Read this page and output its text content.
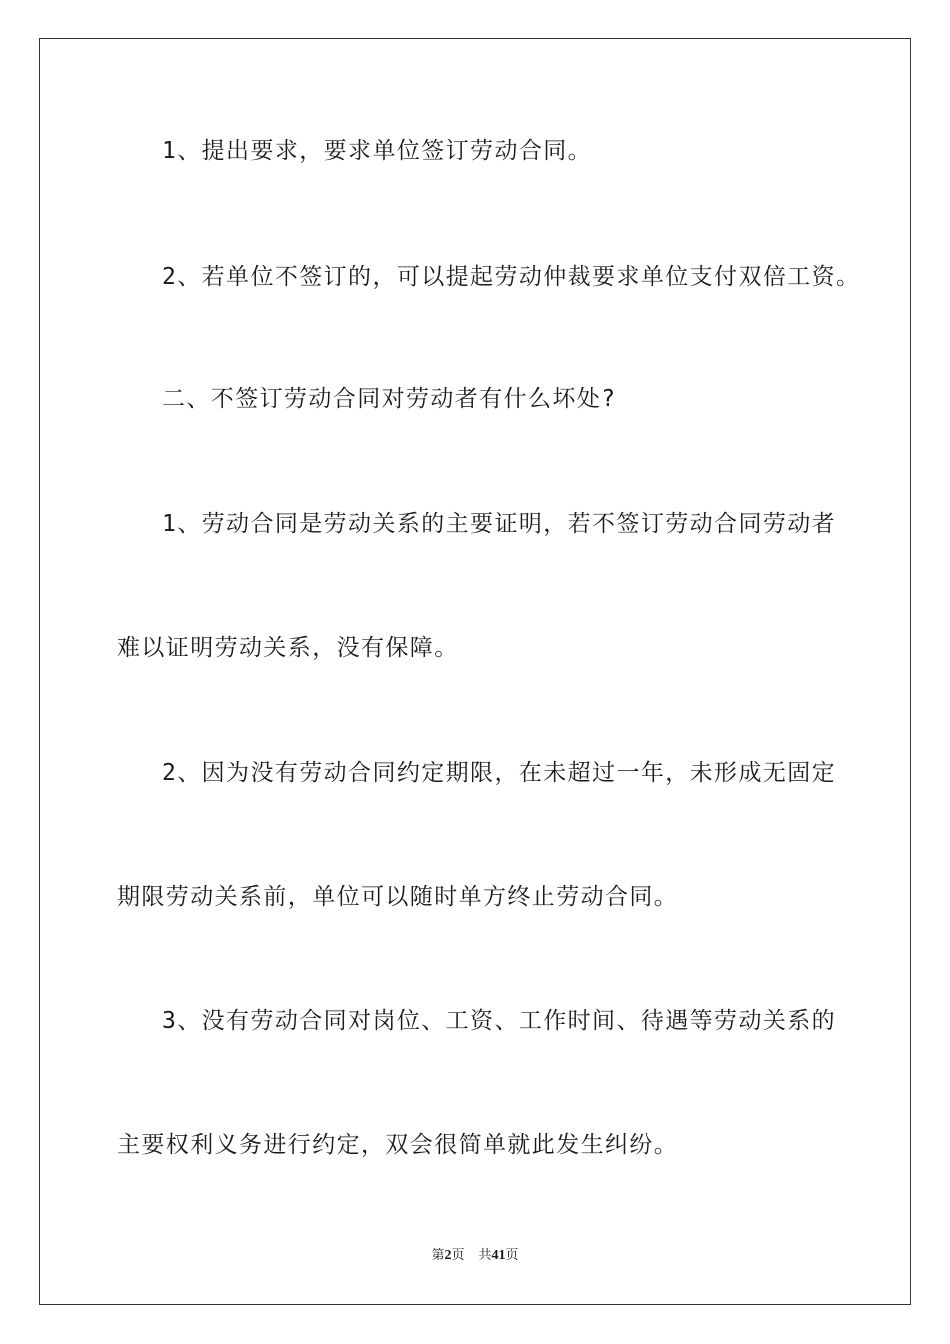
1、提出要求，要求单位签订劳动合同。

2、若单位不签订的，可以提起劳动仲裁要求单位支付双倍工资。

二、不签订劳动合同对劳动者有什么坏处?

1、劳动合同是劳动关系的主要证明，若不签订劳动合同劳动者

难以证明劳动关系，没有保障。

2、因为没有劳动合同约定期限，在未超过一年，未形成无固定

期限劳动关系前，单位可以随时单方终止劳动合同。

3、没有劳动合同对岗位、工资、工作时间、待遇等劳动关系的

主要权利义务进行约定，双会很简单就此发生纠纷。

第2页 共41页
